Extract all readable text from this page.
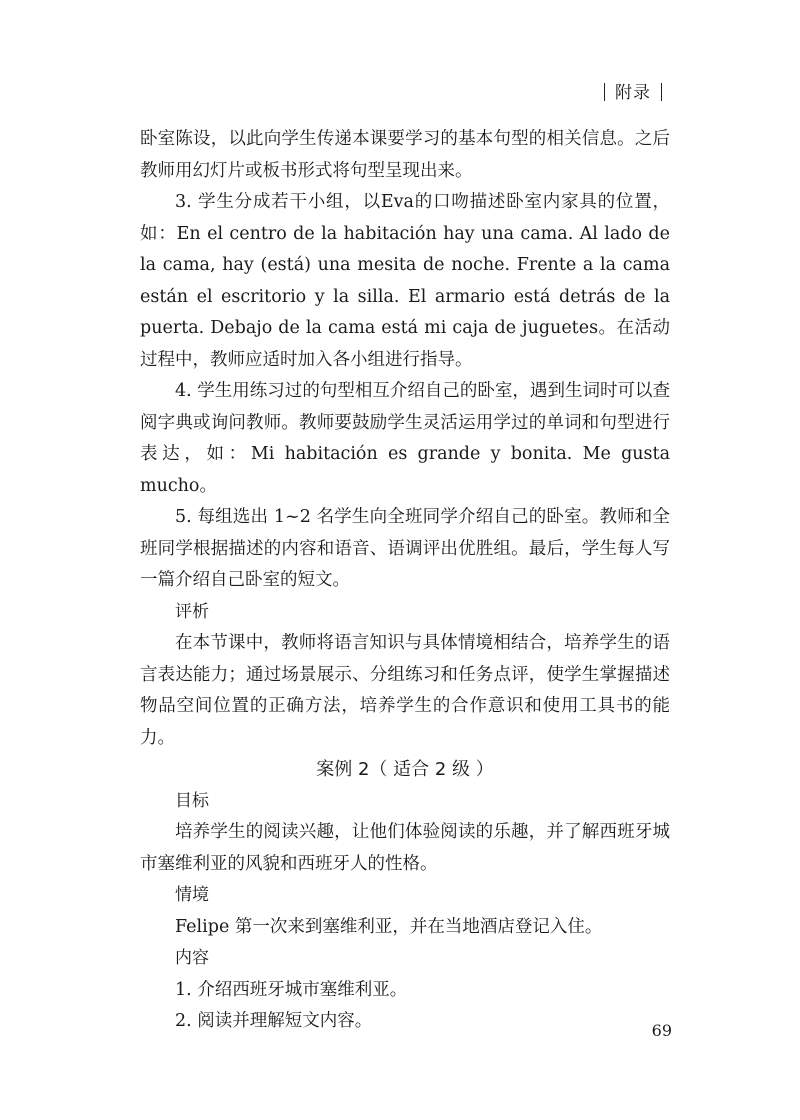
附录

卧室陈设，以此向学生传递本课要学习的基本句型的相关信息。之后教师用幻灯片或板书形式将句型呈现出来。

3. 学生分成若干小组，以Eva的口吻描述卧室内家具的位置，如：En el centro de la habitación hay una cama. Al lado de la cama, hay (está) una mesita de noche. Frente a la cama están el escritorio y la silla. El armario está detrás de la puerta. Debajo de la cama está mi caja de juguetes。在活动过程中，教师应适时加入各小组进行指导。

4. 学生用练习过的句型相互介绍自己的卧室，遇到生词时可以查阅字典或询问教师。教师要鼓励学生灵活运用学过的单词和句型进行表达，如：Mi habitación es grande y bonita. Me gusta mucho。

5. 每组选出 1~2 名学生向全班同学介绍自己的卧室。教师和全班同学根据描述的内容和语音、语调评出优胜组。最后，学生每人写一篇介绍自己卧室的短文。

评析

在本节课中，教师将语言知识与具体情境相结合，培养学生的语言表达能力；通过场景展示、分组练习和任务点评，使学生掌握描述物品空间位置的正确方法，培养学生的合作意识和使用工具书的能力。

案例 2（ 适合 2 级 ）

目标

培养学生的阅读兴趣，让他们体验阅读的乐趣，并了解西班牙城市塞维利亚的风貌和西班牙人的性格。

情境

Felipe 第一次来到塞维利亚，并在当地酒店登记入住。

内容

1. 介绍西班牙城市塞维利亚。

2. 阅读并理解短文内容。	69
